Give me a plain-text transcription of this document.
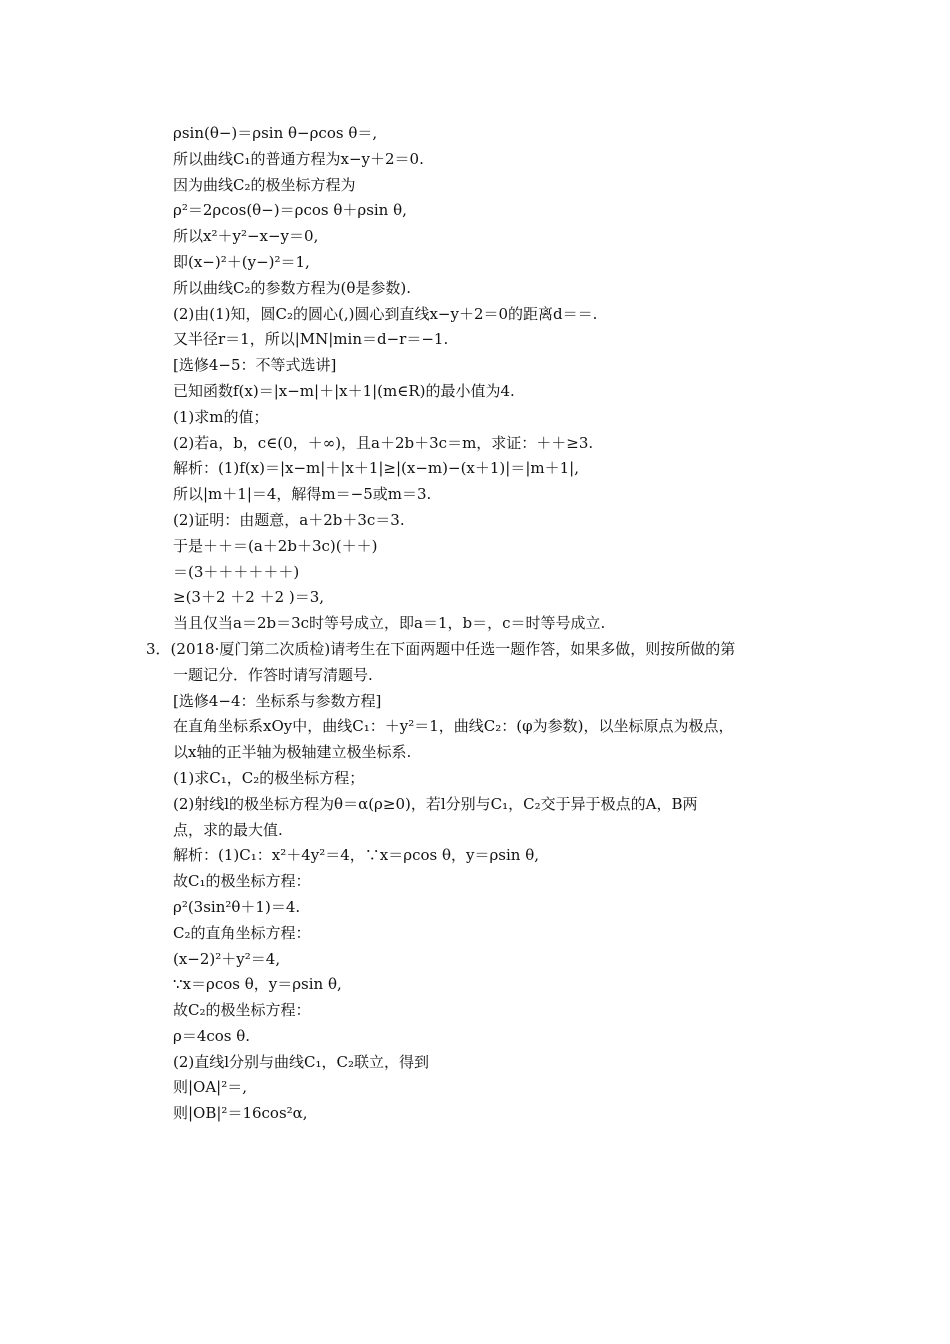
ρsin(θ−)＝ρsin θ−ρcos θ＝,
所以曲线C₁的普通方程为x−y＋2＝0.
因为曲线C₂的极坐标方程为
ρ²＝2ρcos(θ−)＝ρcos θ＋ρsin θ,
所以x²＋y²−x−y＝0,
即(x−)²＋(y−)²＝1,
所以曲线C₂的参数方程为(θ是参数).
(2)由(1)知，圆C₂的圆心(,)圆心到直线x−y＋2＝0的距离d＝＝.
又半径r＝1，所以|MN|min＝d−r＝−1.
[选修4−5：不等式选讲]
已知函数f(x)＝|x−m|＋|x＋1|(m∈R)的最小值为4.
(1)求m的值；
(2)若a，b，c∈(0，＋∞)，且a＋2b＋3c＝m，求证：＋＋≥3.
解析：(1)f(x)＝|x−m|＋|x＋1|≥|(x−m)−(x＋1)|＝|m＋1|,
所以|m＋1|＝4，解得m＝−5或m＝3.
(2)证明：由题意，a＋2b＋3c＝3.
于是＋＋＝(a＋2b＋3c)(＋＋)
＝(3＋＋＋＋＋＋)
≥(3＋2 ＋2 ＋2 )＝3,
当且仅当a＝2b＝3c时等号成立，即a＝1，b＝，c＝时等号成立.
3．(2018·厦门第二次质检)请考生在下面两题中任选一题作答，如果多做，则按所做的第
一题记分．作答时请写清题号.
[选修4−4：坐标系与参数方程]
在直角坐标系xOy中，曲线C₁：＋y²＝1，曲线C₂：(φ为参数)，以坐标原点为极点，
以x轴的正半轴为极轴建立极坐标系.
(1)求C₁，C₂的极坐标方程；
(2)射线l的极坐标方程为θ＝α(ρ≥0)，若l分别与C₁，C₂交于异于极点的A，B两
点，求的最大值.
解析：(1)C₁：x²＋4y²＝4，∵x＝ρcos θ，y＝ρsin θ,
故C₁的极坐标方程：
ρ²(3sin²θ＋1)＝4.
C₂的直角坐标方程：
(x−2)²＋y²＝4,
∵x＝ρcos θ，y＝ρsin θ,
故C₂的极坐标方程：
ρ＝4cos θ.
(2)直线l分别与曲线C₁，C₂联立，得到
则|OA|²＝,
则|OB|²＝16cos²α,
